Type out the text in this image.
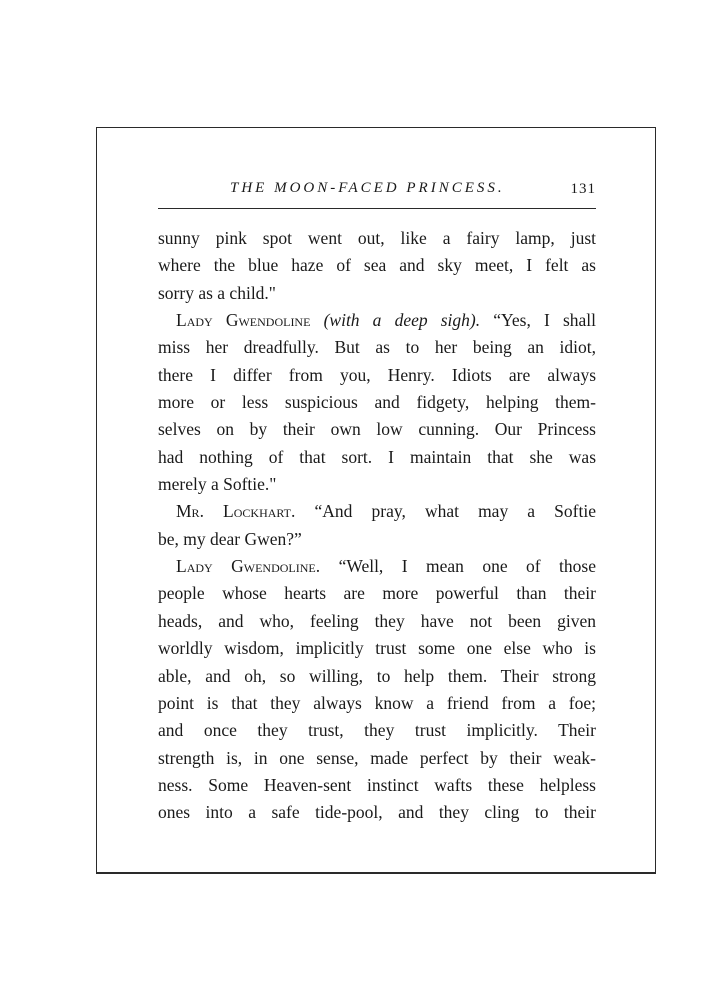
THE MOON-FACED PRINCESS.	131
sunny pink spot went out, like a fairy lamp, just
where the blue haze of sea and sky meet, I felt as
sorry as a child."
Lady Gwendoline (with a deep sigh). “Yes, I shall
miss her dreadfully. But as to her being an idiot,
there I differ from you, Henry. Idiots are always
more or less suspicious and fidgety, helping them-
selves on by their own low cunning. Our Princess
had nothing of that sort. I maintain that she was
merely a Softie."
Mr. Lockhart. “And pray, what may a Softie
be, my dear Gwen?”
Lady Gwendoline. “Well, I mean one of those
people whose hearts are more powerful than their
heads, and who, feeling they have not been given
worldly wisdom, implicitly trust some one else who is
able, and oh, so willing, to help them. Their strong
point is that they always know a friend from a foe;
and once they trust, they trust implicitly. Their
strength is, in one sense, made perfect by their weak-
ness. Some Heaven-sent instinct wafts these helpless
ones into a safe tide-pool, and they cling to their
